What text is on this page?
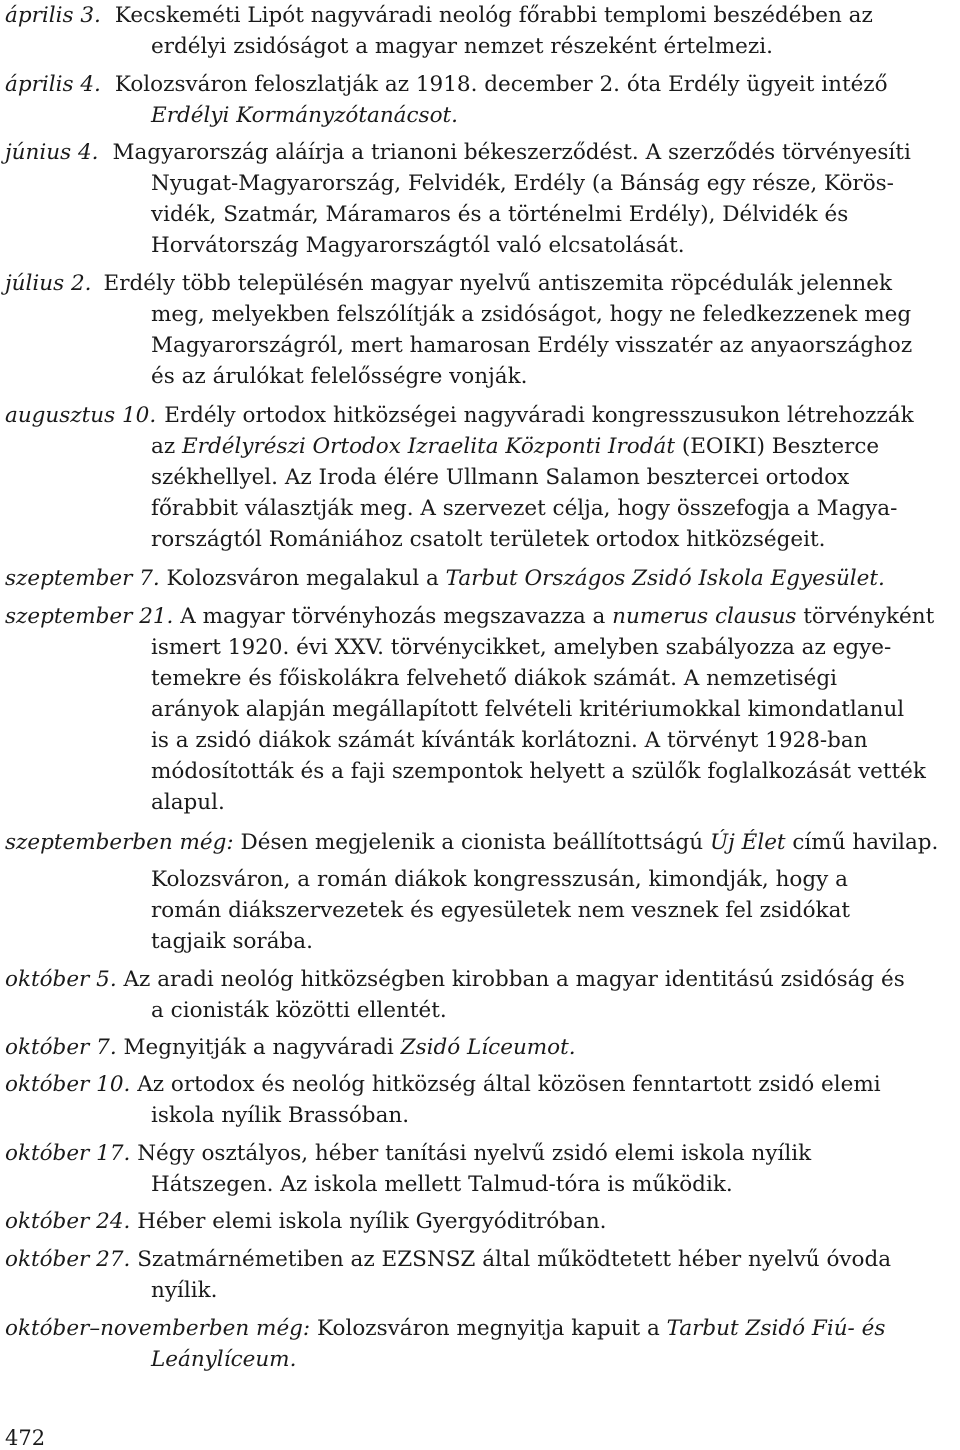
április 3. Kecskeméti Lipót nagyváradi neológ főrabbi templomi beszédében az
erdélyi zsidóságot a magyar nemzet részeként értelmezi.
április 4. Kolozsváron feloszlatják az 1918. december 2. óta Erdély ügyeit intéző
Erdélyi Kormányzótanácsot.
június 4. Magyarország aláírja a trianoni békeszerződést. A szerződés törvényesíti
Nyugat-Magyarország, Felvidék, Erdély (a Bánság egy része, Körös-
vidék, Szatmár, Máramaros és a történelmi Erdély), Délvidék és
Horvátország Magyarországtól való elcsatolását.
július 2. Erdély több településén magyar nyelvű antiszemita röpcédulák jelennek
meg, melyekben felszólítják a zsidóságot, hogy ne feledkezzenek meg
Magyarországról, mert hamarosan Erdély visszatér az anyaországhoz
és az árulókat felelősségre vonják.
augusztus 10. Erdély ortodox hitközségei nagyváradi kongresszusukon létrehozzák
az Erdélyrészi Ortodox Izraelita Központi Irodát (EOIKI) Beszterce
székhellyel. Az Iroda élére Ullmann Salamon besztercei ortodox
főrabbit választják meg. A szervezet célja, hogy összefogja a Magya-
rországtól Romániához csatolt területek ortodox hitközségeit.
szeptember 7. Kolozsváron megalakul a Tarbut Országos Zsidó Iskola Egyesület.
szeptember 21. A magyar törvényhozás megszavazza a numerus clausus törvényként
ismert 1920. évi XXV. törvénycikket, amelyben szabályozza az egye-
temekre és főiskolákra felvehető diákok számát. A nemzetiségi
arányok alapján megállapított felvételi kritériumokkal kimondatlanul
is a zsidó diákok számát kívánták korlátozni. A törvényt 1928-ban
módosították és a faji szempontok helyett a szülők foglalkozását vették
alapul.
szeptemberben még: Désen megjelenik a cionista beállítottságú Új Élet című havilap.
Kolozsváron, a román diákok kongresszusán, kimondják, hogy a
román diákszervezetek és egyesületek nem vesznek fel zsidókat
tagjaik sorába.
október 5. Az aradi neológ hitközségben kirobban a magyar identitású zsidóság és
a cionisták közötti ellentét.
október 7. Megnyitják a nagyváradi Zsidó Líceumot.
október 10. Az ortodox és neológ hitközség által közösen fenntartott zsidó elemi
iskola nyílik Brassóban.
október 17. Négy osztályos, héber tanítási nyelvű zsidó elemi iskola nyílik
Hátszegen. Az iskola mellett Talmud-tóra is működik.
október 24. Héber elemi iskola nyílik Gyergyóditróban.
október 27. Szatmárnémetiben az EZSNSZ által működtetett héber nyelvű óvoda
nyílik.
október–novemberben még: Kolozsváron megnyitja kapuit a Tarbut Zsidó Fiú- és
Leánylíceum.
472
